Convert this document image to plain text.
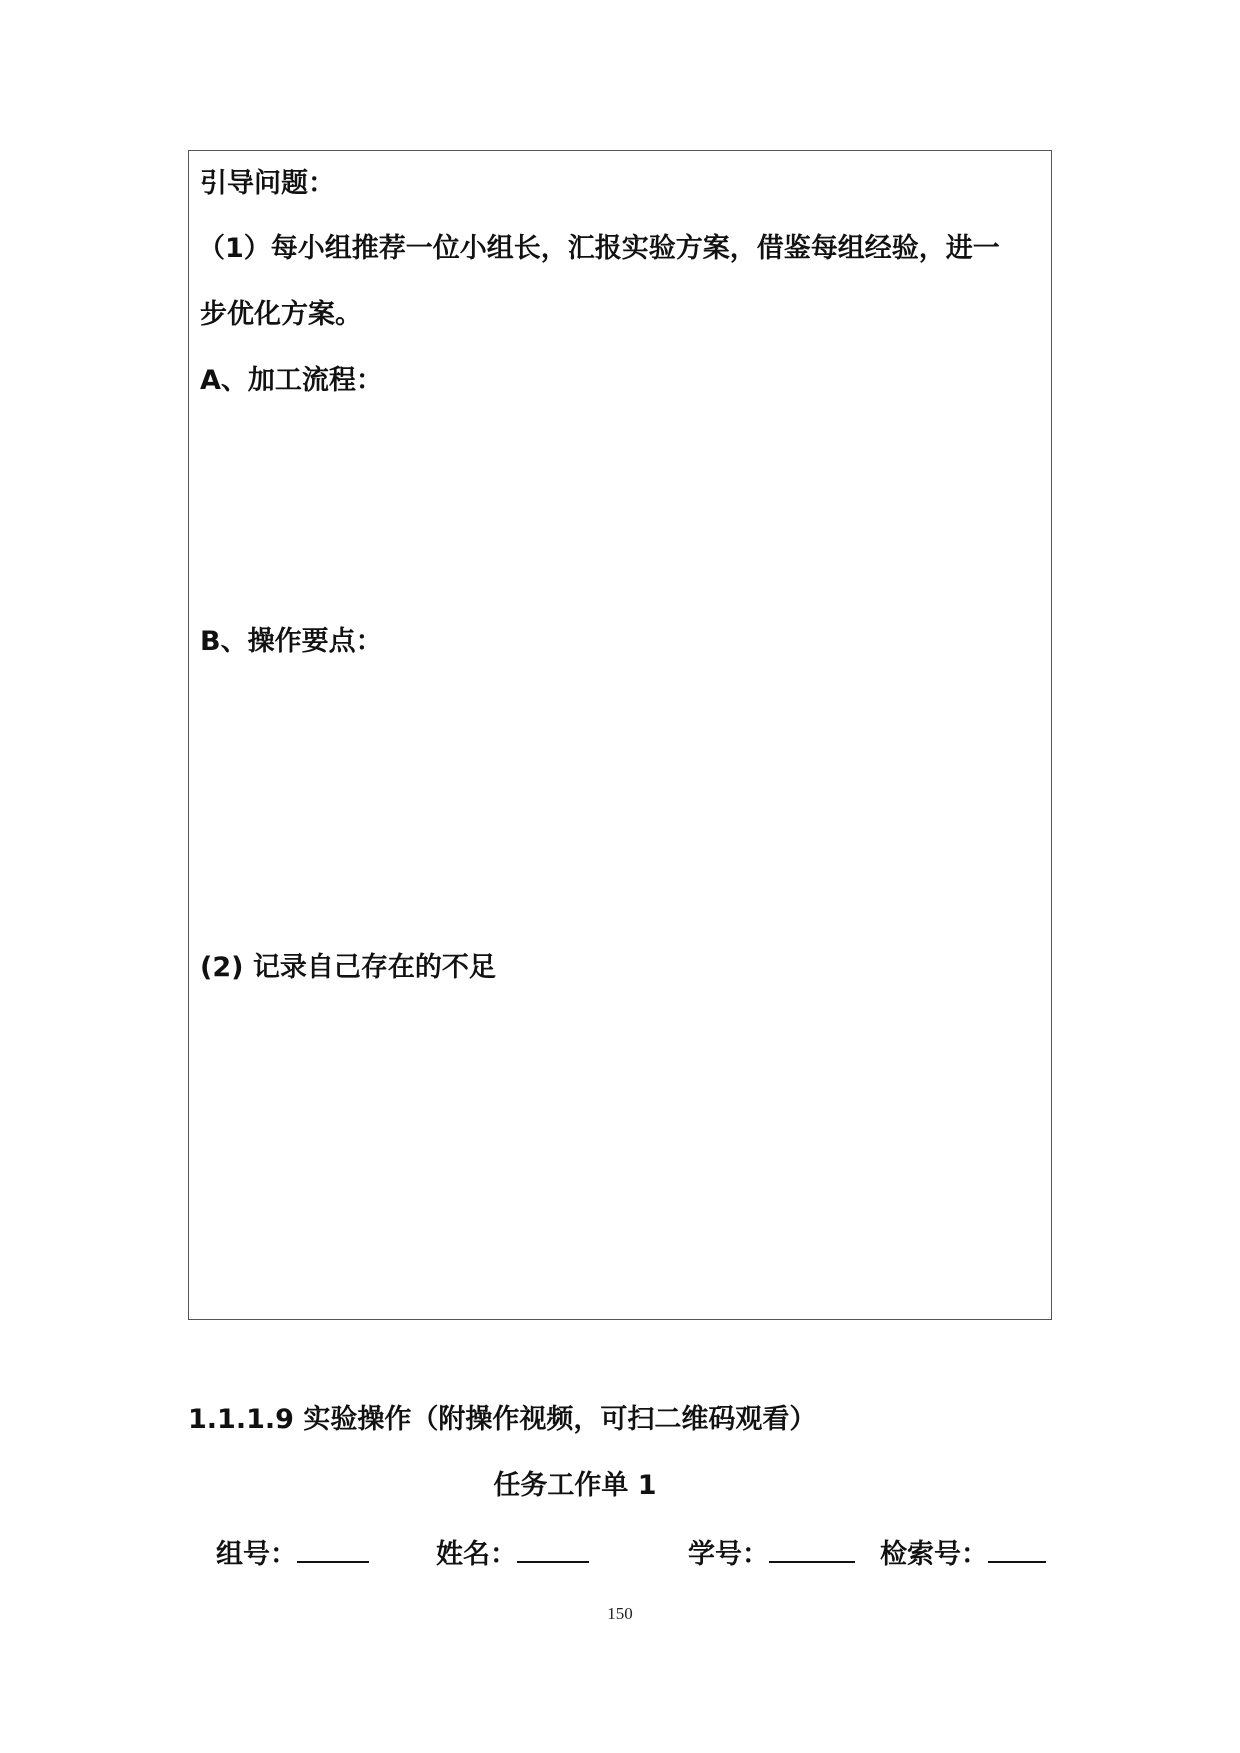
引导问题：
（1）每小组推荐一位小组长，汇报实验方案，借鉴每组经验，进一
步优化方案。
A、加工流程：
B、操作要点：
(2) 记录自己存在的不足
1.1.1.9 实验操作（附操作视频，可扫二维码观看）
任务工作单 1
组号：	姓名：	学号：	检索号：
150
